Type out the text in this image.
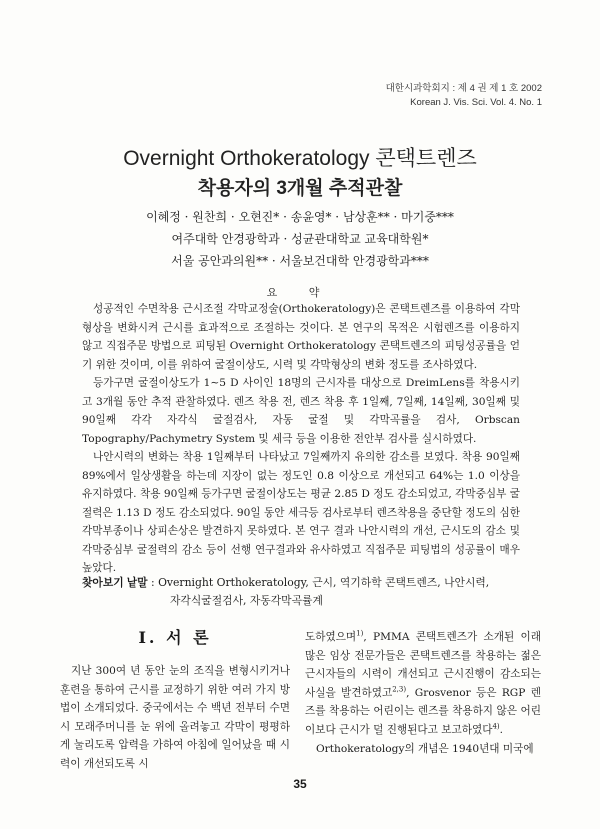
대한시과학회지 : 제 4 권 제 1 호 2002
Korean J. Vis. Sci. Vol. 4. No. 1
Overnight Orthokeratology 콘택트렌즈
착용자의 3개월 추적관찰
이혜정 · 원찬희 · 오현진* · 송윤영* · 남상훈** · 마기중***
여주대학 안경광학과 · 성균관대학교 교육대학원*
서울 공안과의원** · 서울보건대학 안경광학과***
요 약

성공적인 수면착용 근시조절 각막교정술(Orthokeratology)은 콘택트렌즈를 이용하여 각막형상을 변화시켜 근시를 효과적으로 조절하는 것이다. 본 연구의 목적은 시험렌즈를 이용하지 않고 직접주문 방법으로 피팅된 Overnight Orthokeratology 콘택트렌즈의 피팅성공률을 얻기 위한 것이며, 이를 위하여 굴절이상도, 시력 및 각막형상의 변화 정도를 조사하였다.

등가구면 굴절이상도가 1∼5 D 사이인 18명의 근시자를 대상으로 DreimLens를 착용시키고 3개월 동안 추적 관찰하였다. 렌즈 착용 전, 렌즈 착용 후 1일째, 7일째, 14일째, 30일째 및 90일째 각각 자각식 굴절검사, 자동 굴절 및 각막곡률을 검사, Orbscan Topography/Pachymetry System 및 세극 등을 이용한 전안부 검사를 실시하였다.

나안시력의 변화는 착용 1일째부터 나타났고 7일째까지 유의한 감소를 보였다. 착용 90일째 89%에서 일상생활을 하는데 지장이 없는 정도인 0.8 이상으로 개선되고 64%는 1.0 이상을 유지하였다. 착용 90일째 등가구면 굴절이상도는 평균 2.85 D 정도 감소되었고, 각막중심부 굴절력은 1.13 D 정도 감소되었다. 90일 동안 세극등 검사로부터 렌즈착용을 중단할 정도의 심한 각막부종이나 상피손상은 발견하지 못하였다. 본 연구 결과 나안시력의 개선, 근시도의 감소 및 각막중심부 굴절력의 감소 등이 선행 연구결과와 유사하였고 직접주문 피팅법의 성공률이 매우 높았다.

찾아보기 낱말 : Overnight Orthokeratology, 근시, 역기하학 콘택트렌즈, 나안시력,
자각식굴절검사, 자동각막곡률계
Ⅰ. 서 론

지난 300여 년 동안 눈의 조직을 변형시키거나 훈련을 통하여 근시를 교정하기 위한 여러 가지 방법이 소개되었다. 중국에서는 수 백년 전부터 수면 시 모래주머니를 눈 위에 올려놓고 각막이 평평하게 눌리도록 압력을 가하여 아침에 일어났을 때 시력이 개선되도록 시

도하였으며$^{1)}$, PMMA 콘택트렌즈가 소개된 이래 많은 임상 전문가들은 콘택트렌즈를 착용하는 젊은 근시자들의 시력이 개선되고 근시진행이 감소되는 사실을 발견하였고$^{2,3)}$, Grosvenor 등은 RGP 렌즈를 착용하는 어린이는 렌즈를 착용하지 않은 어린이보다 근시가 덜 진행된다고 보고하였다$^{4)}$.

Orthokeratology의 개념은 1940년대 미국에

35
